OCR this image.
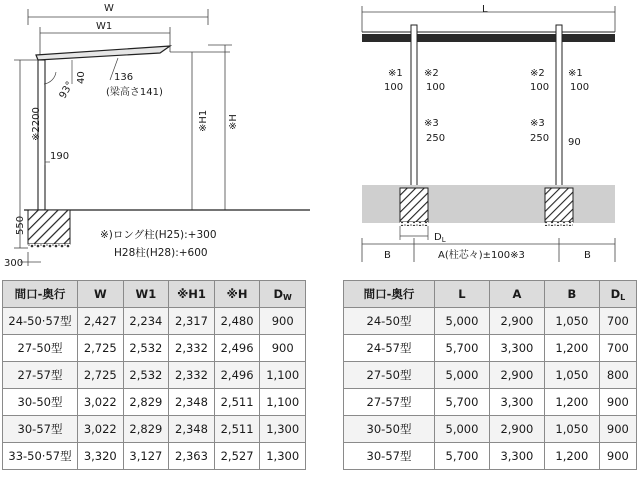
W
W1
93°
40	136
(梁高さ141)
※2200	※H1 ※H
190
550
300
※)ロング柱(H25):+300
H28柱(H28):+600
L
※1
100
※2
100
※3
250
※2
100
※1
100
※3
250 90
$D_L$
B	A(柱芯々)±100※3	B
間口-奥行	W	W1	※H1	※H	$D_W$
24-50·57型	2,427	2,234	2,317	2,480	900
27-50型	2,725	2,532	2,332	2,496	900
27-57型	2,725	2,532	2,332	2,496	1,100
30-50型	3,022	2,829	2,348	2,511	1,100
30-57型	3,022	2,829	2,348	2,511	1,300
33-50·57型	3,320	3,127	2,363	2,527	1,300
間口-奥行	L	A	B	$D_L$
24-50型	5,000	2,900	1,050	700
24-57型	5,700	3,300	1,200	700
27-50型	5,000	2,900	1,050	800
27-57型	5,700	3,300	1,200	900
30-50型	5,000	2,900	1,050	900
30-57型	5,700	3,300	1,200	900
